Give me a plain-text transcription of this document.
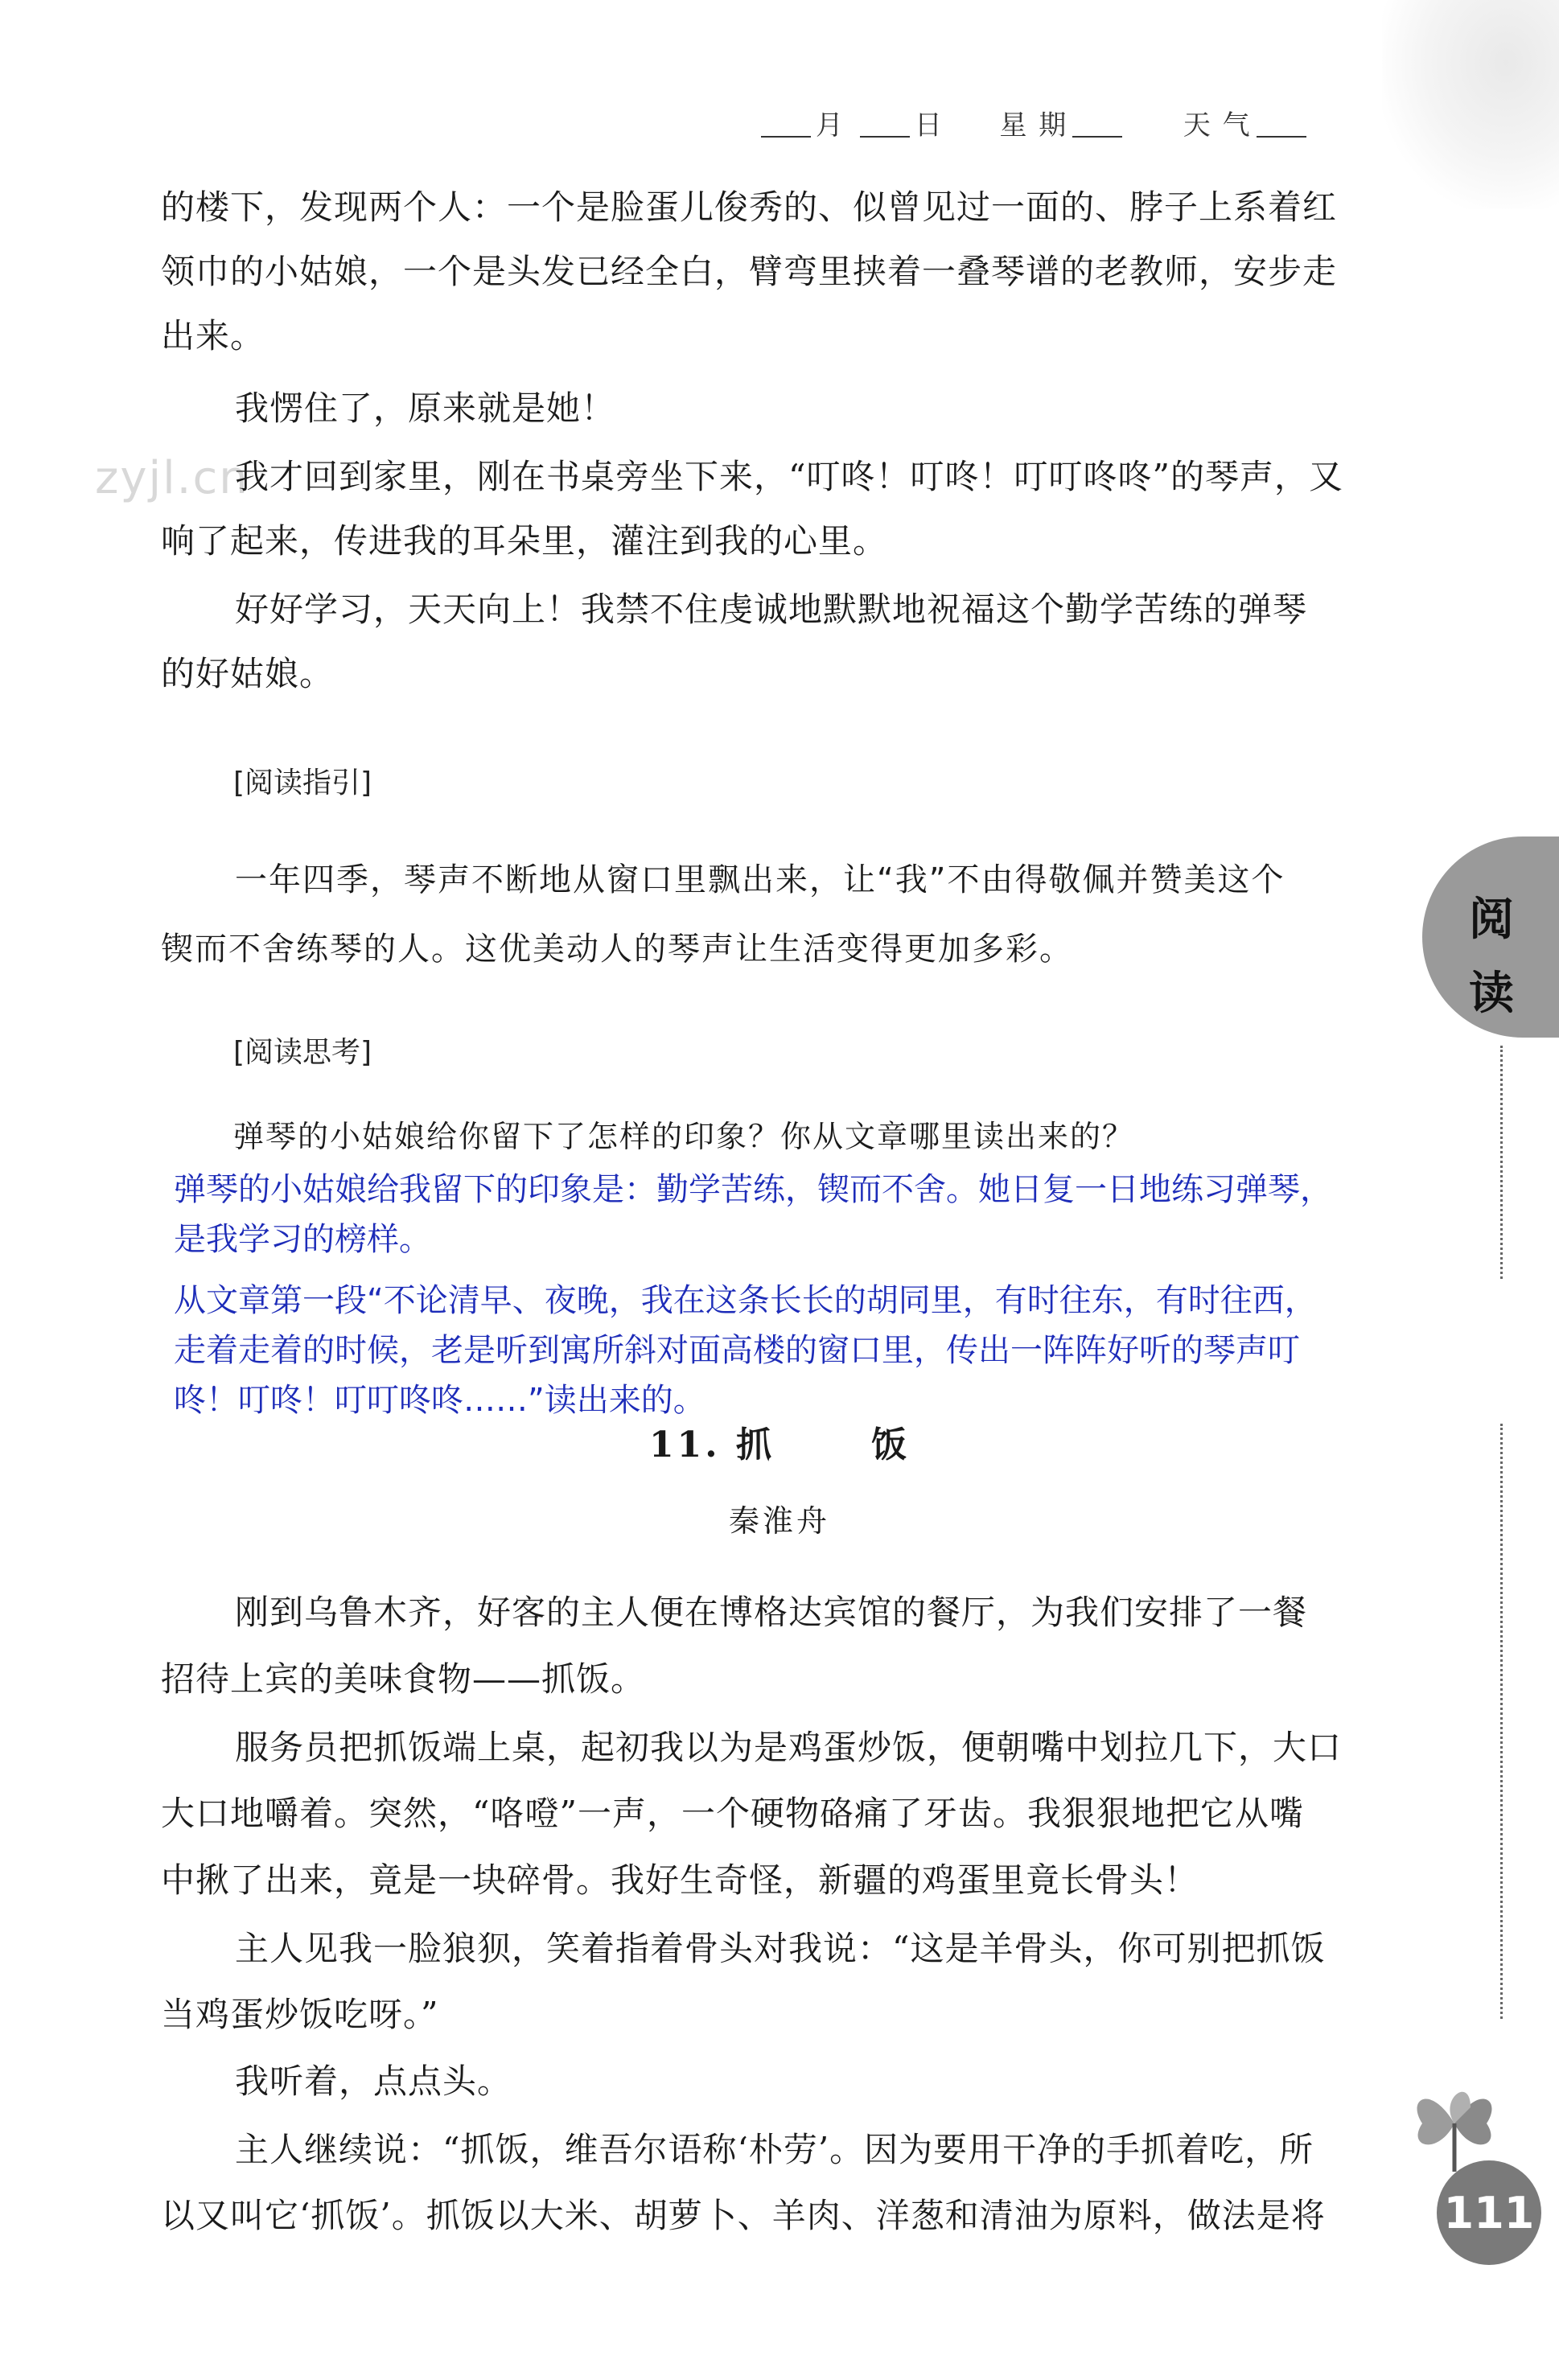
月	日 星 期	天 气
zyjl.cn
的楼下，发现两个人：一个是脸蛋儿俊秀的、似曾见过一面的、脖子上系着红
领巾的小姑娘，一个是头发已经全白，臂弯里挟着一叠琴谱的老教师，安步走
出来。
我愣住了，原来就是她！
我才回到家里，刚在书桌旁坐下来，“叮咚！叮咚！叮叮咚咚”的琴声，又
响了起来，传进我的耳朵里，灌注到我的心里。
好好学习，天天向上！我禁不住虔诚地默默地祝福这个勤学苦练的弹琴
的好姑娘。
[阅读指引]
一年四季，琴声不断地从窗口里飘出来，让“我”不由得敬佩并赞美这个
锲而不舍练琴的人。这优美动人的琴声让生活变得更加多彩。
[阅读思考]
弹琴的小姑娘给你留下了怎样的印象？你从文章哪里读出来的？

弹琴的小姑娘给我留下的印象是：勤学苦练，锲而不舍。她日复一日地练习弹琴，

是我学习的榜样。

从文章第一段“不论清早、夜晚，我在这条长长的胡同里，有时往东，有时往西，

走着走着的时候，老是听到寓所斜对面高楼的窗口里，传出一阵阵好听的琴声叮

咚！叮咚！叮叮咚咚……”读出来的。

11. 抓	饭
秦淮舟
刚到乌鲁木齐，好客的主人便在博格达宾馆的餐厅，为我们安排了一餐
招待上宾的美味食物——抓饭。
服务员把抓饭端上桌，起初我以为是鸡蛋炒饭，便朝嘴中划拉几下，大口
大口地嚼着。突然，“咯噔”一声，一个硬物硌痛了牙齿。我狠狠地把它从嘴
中揪了出来，竟是一块碎骨。我好生奇怪，新疆的鸡蛋里竟长骨头！
主人见我一脸狼狈，笑着指着骨头对我说：“这是羊骨头，你可别把抓饭
当鸡蛋炒饭吃呀。”
我听着，点点头。
主人继续说：“抓饭，维吾尔语称‘朴劳’。因为要用干净的手抓着吃，所
以又叫它‘抓饭’。抓饭以大米、胡萝卜、羊肉、洋葱和清油为原料，做法是将
阅
读
111
